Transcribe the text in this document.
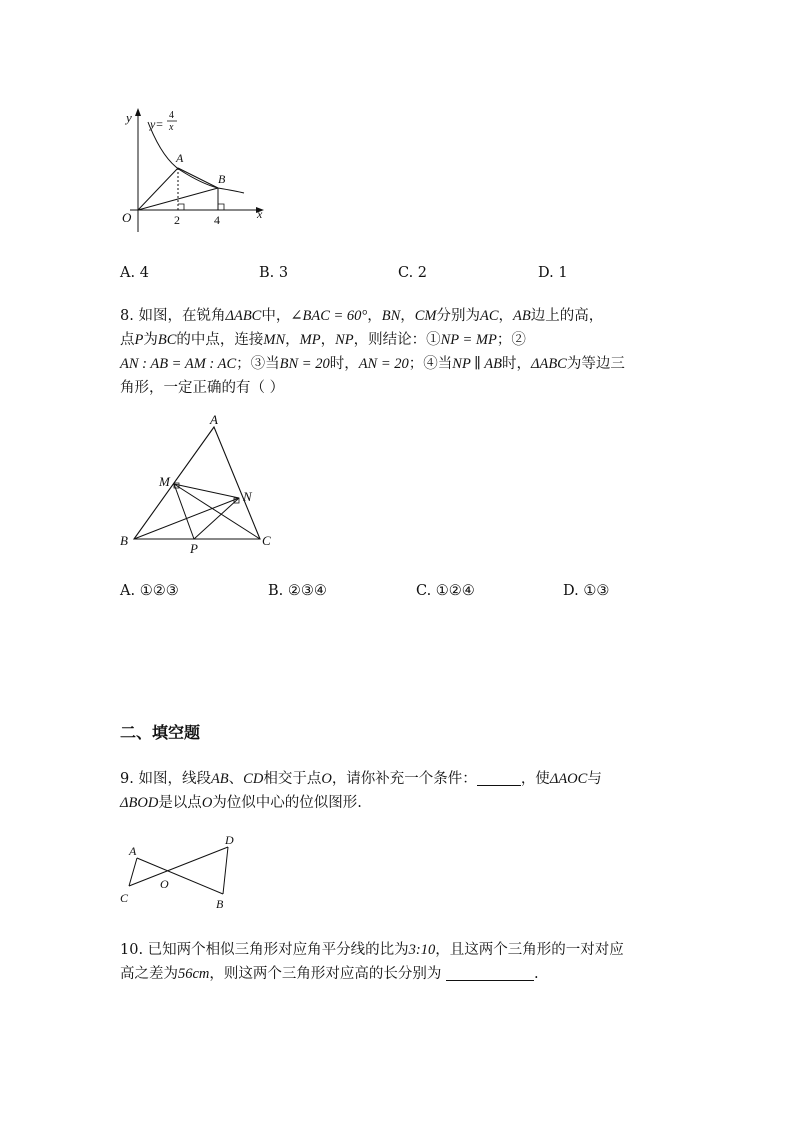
y y=
4
x
A
B
O	2	4	x
A. 4	B. 3	C. 2	D. 1
8. 如图，在锐角ΔABC中，∠BAC = 60°，BN，CM分别为AC，AB边上的高，
点P为BC的中点，连接MN，MP，NP，则结论：①NP = MP；②
AN : AB = AM : AC；③当BN = 20时，AN = 20；④当NP ∥ AB时，ΔABC为等边三
角形，一定正确的有（ ）
A
M
N
B
P
C
A. ①②③	B. ②③④	C. ①②④	D. ①③
二、填空题
9. 如图，线段AB、CD相交于点O，请你补充一个条件：	，使ΔAOC与
ΔBOD是以点O为位似中心的位似图形.
A
D
O
C	B
10. 已知两个相似三角形对应角平分线的比为3:10，且这两个三角形的一对对应
高之差为56cm，则这两个三角形对应高的长分别为	.
